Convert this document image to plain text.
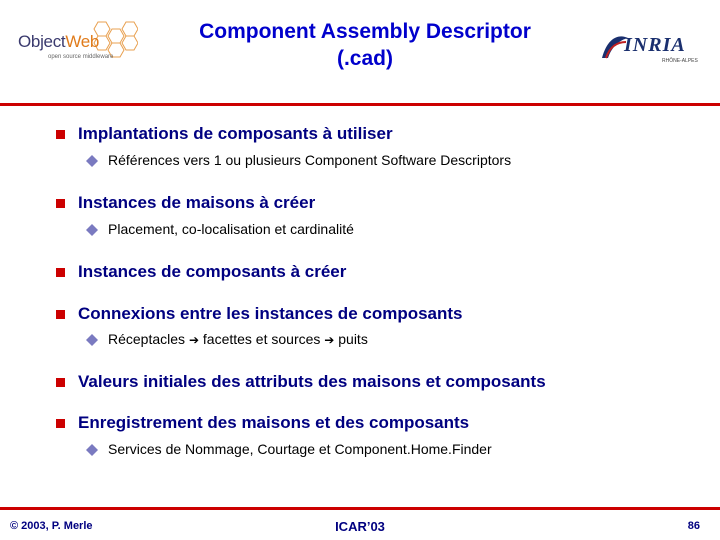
ObjectWeb
open source middleware
Component Assembly Descriptor
(.cad)
INRIA
RHÔNE-ALPES
Implantations de composants à utiliser
Références vers 1 ou plusieurs Component Software Descriptors
Instances de maisons à créer
Placement, co-localisation et cardinalité
Instances de composants à créer
Connexions entre les instances de composants
Réceptacles ➔ facettes et sources ➔ puits
Valeurs initiales des attributs des maisons et composants
Enregistrement des maisons et des composants
Services de Nommage, Courtage et Component.Home.Finder
© 2003, P. Merle	ICAR’03	86
